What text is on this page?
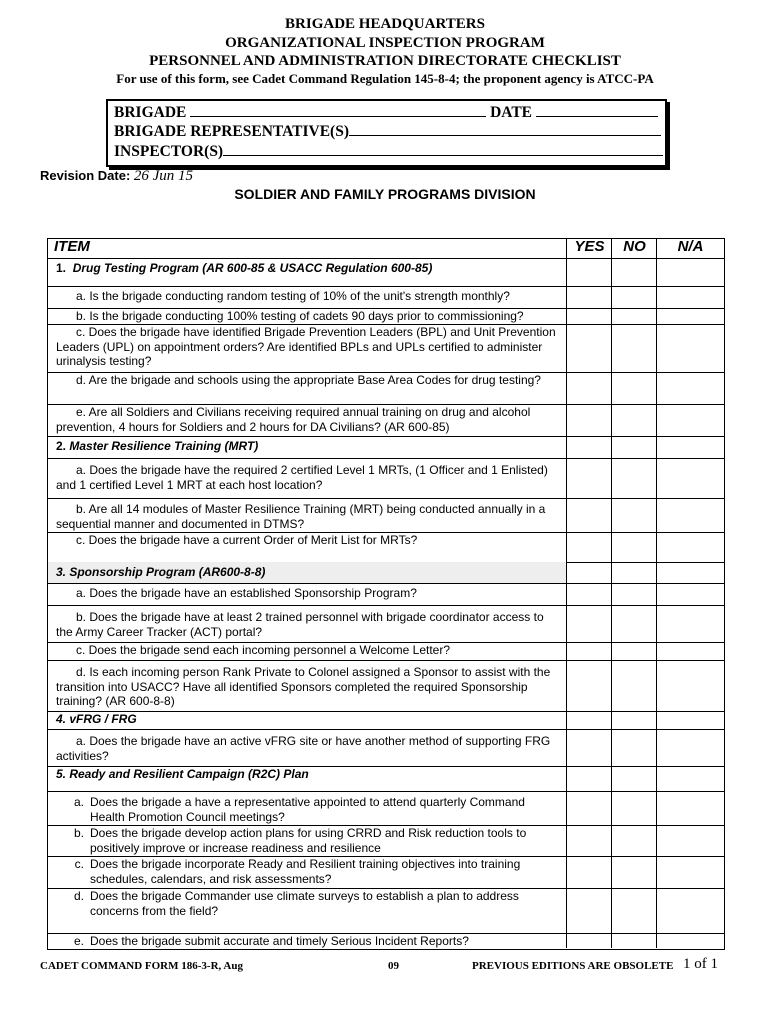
BRIGADE HEADQUARTERS
ORGANIZATIONAL INSPECTION PROGRAM
PERSONNEL AND ADMINISTRATION DIRECTORATE CHECKLIST
For use of this form, see Cadet Command Regulation 145-8-4; the proponent agency is ATCC-PA
BRIGADE	DATE
BRIGADE REPRESENTATIVE(S)
INSPECTOR(S)
Revision Date: 26 Jun 15
SOLDIER AND FAMILY PROGRAMS DIVISION
ITEM	YES	NO	N/A
1. Drug Testing Program (AR 600-85 & USACC Regulation 600-85)
a. Is the brigade conducting random testing of 10% of the unit's strength monthly?
b. Is the brigade conducting 100% testing of cadets 90 days prior to commissioning?
c. Does the brigade have identified Brigade Prevention Leaders (BPL) and Unit Prevention Leaders (UPL) on appointment orders? Are identified BPLs and UPLs certified to administer urinalysis testing?
d. Are the brigade and schools using the appropriate Base Area Codes for drug testing?
e. Are all Soldiers and Civilians receiving required annual training on drug and alcohol prevention, 4 hours for Soldiers and 2 hours for DA Civilians? (AR 600-85)
2. Master Resilience Training (MRT)
a. Does the brigade have the required 2 certified Level 1 MRTs, (1 Officer and 1 Enlisted) and 1 certified Level 1 MRT at each host location?
b. Are all 14 modules of Master Resilience Training (MRT) being conducted annually in a sequential manner and documented in DTMS?
c. Does the brigade have a current Order of Merit List for MRTs?
3. Sponsorship Program (AR600-8-8)
a. Does the brigade have an established Sponsorship Program?
b. Does the brigade have at least 2 trained personnel with brigade coordinator access to the Army Career Tracker (ACT) portal?
c. Does the brigade send each incoming personnel a Welcome Letter?
d. Is each incoming person Rank Private to Colonel assigned a Sponsor to assist with the transition into USACC? Have all identified Sponsors completed the required Sponsorship training? (AR 600-8-8)
4. vFRG / FRG
a. Does the brigade have an active vFRG site or have another method of supporting FRG activities?
5. Ready and Resilient Campaign (R2C) Plan
a. Does the brigade a have a representative appointed to attend quarterly Command Health Promotion Council meetings?
b. Does the brigade develop action plans for using CRRD and Risk reduction tools to positively improve or increase readiness and resilience
c. Does the brigade incorporate Ready and Resilient training objectives into training schedules, calendars, and risk assessments?
d. Does the brigade Commander use climate surveys to establish a plan to address concerns from the field?
e. Does the brigade submit accurate and timely Serious Incident Reports?
CADET COMMAND FORM 186-3-R, Aug	09	PREVIOUS EDITIONS ARE OBSOLETE 1 of 1
